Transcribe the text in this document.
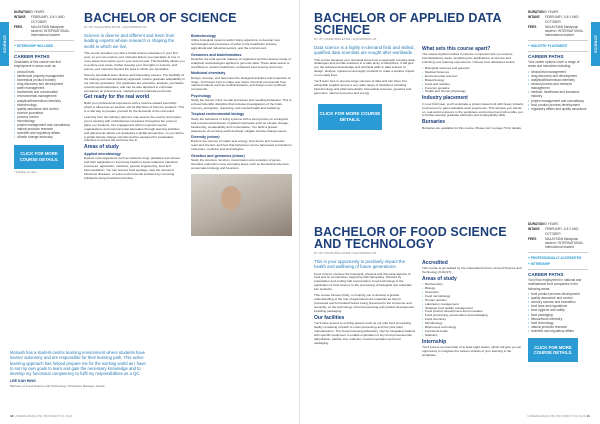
SCIENCE
DURATION 3 YEARS
INTAKE	FEBRUARY, JULY AND OCTOBER
FEES	MALAYSIAN Malaysian student / INTERNATIONAL International student
+ INTERNSHIP INCLUDED
CAREER PATHS
Graduates of this course can find employment in areas such as:
• clinical trials
• intellectual property management
• biomedical product industry
• drug discovery and development
• water management
• biodiversity and conservation
• environmental management
• analytical/biomedical chemistry
• biotechnology
• quality assurance and control
• science journalism
• process control
• microbiology
• project management and consultancy
• natural products research
• scientific and regulatory affairs
• climate change advocacy
CLICK FOR MORE COURSE DETAILS.
* Including an intern
BACHELOR OF SCIENCE
MY CPT (MOHE) BPEL ESTAB • MQA/SPR/BNN LAB
Science is diverse and different and learn from leading experts whose research is shaping the world in which we live.
This course provides you with a broad science education in your first year, so you can explore your interests before you specialise in one or more areas that inspire you in your second year. This flexibility allows you to explore new areas, further develop your strengths in science, and pursue your interests beyond the area in which you specialise.
Science specialists learn diverse and interesting careers. The flexibility of the training and interdisciplinary approach nurture graduate adaptability in our science graduates. Our graduates are scientists, analysts, journalists, environmental advocates, and can be also attracted to corporate companies as procurement, marketing and corporate personnel.
Get ready for the real world
Build your professional experience with a science-related internship which is offered as an elective unit for Bachelor of Science students. This is a real way to prepare yourself for the demands of the real world.
Learning from the industry partners may access the country and region, you're working with multinational companies throughout the years to place our students. Our engagement with non-governmental organisations and environmental advocates through learning activities and placements allows our graduates a global perspective, so you will be a global climate change scientist and be equipped for sustainable practices to protect the world we live in.
Areas of study
Applied microbiology
Explore microorganisms such as bacteria, fungi, parasites and viruses, and their application in improving health in areas related to industrial processes, agriculture, medicine, genetic engineering, food and bioremediation. You can prevent food spoilage, stop the spread of infectious diseases, or solve environmental problems by removing pollutants using beneficial microbes.
Biotechnology
Utilise biological systems and/or living organisms to develop new technologies and processes of value to the healthcare industry, agricultural and industrial sectors, and the environment.
Genomics and bioinformatics
Decipher the total genetic makeup of organisms and the diverse range of analytical methodologies applied to genomic data. These allow teams to contribute to modern healthcare, enhanced food security and more.
Medicinal chemistry
Design, develop, and determine the biological activities and properties of drugs. You'll learn how to make new active chemical compounds from natural products such as medicinal plants, and design novel synthetic compounds.
Psychology
Study the human mind, mental processes and resulting behaviour. This is a broad scientific discipline that includes investigations of the brain, memory, perception, reasoning, and mental health and wellbeing.
Tropical environmental biology
Study the behaviour of living systems with a strong focus on ecological and environmental issues of global importance such as climate change, biodiversity, sustainability and conservation. You build a greater awareness of our living earth and help mitigate climate change issues.
Diversity (minor)
Explore the science of matter and energy, how atoms and molecules react and interact, and how that behaviour can be harnessed to transform molecules, medicine and technologies.
Genetics and genomics (minor)
Study the structure, function, transmission and evolution of genes. Genetics underpins many emerging areas such as biomedical sciences, conservation biology and forensics.
Monash has a student-centric learning environment where students have learner autonomy and are responsible for their learning path. This active learning approach has helped prepare me for the working world as I have to set my own goals to learn and gain the necessary knowledge and to develop my functional competency to fulfil my responsibilities as a QC.
LEE KAH HING
Bachelor of Food Science and Technology, Production Manager, Nestlé
40 UNDERGRADUATE PROSPECTUS 2024
SCIENCE
BACHELOR OF APPLIED DATA SCIENCE
MY CPT (MOHE) BPEL ESTAB • MQA/SPR/BNN LAB
Data science is a highly in-demand field and skilled, qualified data scientists are sought after worldwide.
This course develops your technical know-how to approach complex data challenges and provide solutions in a wide array of disciplines. It will give you the advanced knowledge and technical skills in data science to design, analyse, implement and apply methods to make a positive impact on our daily lives.
You'll learn how to process large volumes of data and turn them into actionable insights across a very wide range of disciplines including biotechnology and pharmaceuticals, biomedical sciences, genetics and genomics, natural resources and energy.
CLICK FOR MORE COURSE DETAILS.
What sets this course apart?
The unique Applied studies in science component lets you explore interdisciplinary areas, amplifying the applications of science and enriching your learning experiences. Choose from disciplines below:
• Biological sciences and genetics
• Medical Sciences
• Environmental sciences
• Biotechnology
• Food and nutrition
• Forensic genetics
• Health and human physiology
Industry placement
In your third year, you'll undertake a project-based unit with heavy industry involvement to gain invaluable work experience. This will give you hands-on, real-world exposure to the workplace environment and will enable you to further develop graduate attributes and employability skills.
Bursaries
Bursaries are available for this course. Please turn to page 70 for details.
BACHELOR OF FOOD SCIENCE AND TECHNOLOGY
MY CPT (MOHE) BPEL ESTAB • MQA/SPR/BNN LAB
This is your opportunity to positively impact the health and wellbeing of future generations.
Food science involves the biological, physical and chemical aspects of food and its composition, beginning with harvesting, followed by preparation and ending with consumption. Food technology is the application of food science to the processing of biological raw materials, into products.
This course focuses firstly, on helping you to develop a greater understanding of the role of agricultural raw materials as they're processed and formulated before being presented to the consumer and, secondly, on the technology of food processing and product development, including packaging.
Our facilities
You'll have access to exciting spaces such as our pilot food processing facility consisting of batch to mass processing and four pilot plant manufacturers. The food processing laboratory may be integrated stations with specific equipment to enable exploration of key food processes like dehydration, particle size reduction, heat fermentation and food packaging.
Accredited
This course is accredited by the International Union of Food Science and Technology (IUFoST).
Areas of study
• Biochemistry
• Biology
• Chemistry
• Food microbiology
• Human nutrition
• Laboratory management
• Strategic food quality management
• Food product development and innovation
• Food processing, preservation and packaging
• Food chemistry
• Microbiology
• Bioprocess technology
• Functional foods
• Statistics
Internship
You'll pursue an internship of at least eight weeks, which will give you an opportunity to integrate the various strands of your learning in the workplace.
DURATION 3 YEARS
INTAKE	FEBRUARY, JULY AND OCTOBER
FEES	MALAYSIAN Malaysian student / INTERNATIONAL International student
+ INDUSTRY PLACEMENT
CAREER PATHS
Your career options cover a range of areas and industries including:
• clinical trial management
• drug discovery and development
• analytical/biomedical chemistry
• clinical process and research management
• medical, healthcare and insurance industry
• project management and consultancy
• food product process development
• regulatory affairs and quality assurance
DURATION 3 YEARS
INTAKE	FEBRUARY, JULY AND OCTOBER
FEES	MALAYSIAN Malaysian student / INTERNATIONAL International student
+ PROFESSIONALLY ACCREDITED
+ INTERNSHIP
CAREER PATHS
You'll find employment in national and multinational food companies in the following areas:
• food product process development
• quality assurance and control
• sensory science and evaluation
• food laws and regulations
• food hygiene and safety
• food packaging
• flavour/food chemistry
• food technology
• natural products research
• scientific and regulatory affairs
CLICK FOR MORE COURSE DETAILS.
UNDERGRADUATE PROSPECTUS 2024 41
